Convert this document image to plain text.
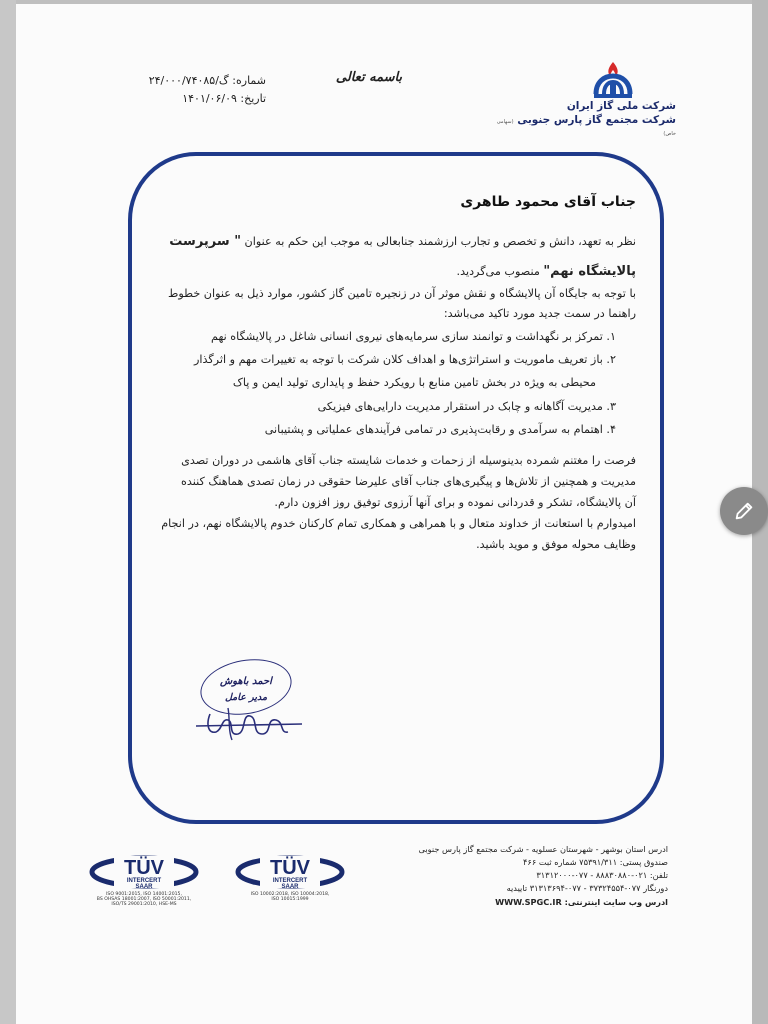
شرکت ملی گاز ایران
شرکت مجتمع گاز پارس جنوبی (سهامی خاص)
باسمه تعالی
شماره: گ/۲۴/۰۰۰/۷۴۰۸۵
تاریخ: ۱۴۰۱/۰۶/۰۹
جناب آقای محمود طاهری
نظر به تعهد، دانش و تخصص و تجارب ارزشمند جنابعالی به موجب این حکم به عنوان " سرپرست
پالایشگاه نهم" منصوب می‌گردید.
با توجه به جایگاه آن پالایشگاه و نقش موثر آن در زنجیره تامین گاز کشور، موارد ذیل به عنوان خطوط
راهنما در سمت جدید مورد تاکید می‌باشد:
۱. تمرکز بر نگهداشت و توانمند سازی سرمایه‌های نیروی انسانی شاغل در پالایشگاه نهم
۲. باز تعریف ماموریت و استراتژی‌ها و اهداف کلان شرکت با توجه به تغییرات مهم و اثرگذار
محیطی به ویژه در بخش تامین منابع با رویکرد حفظ و پایداری تولید ایمن و پاک
۳. مدیریت آگاهانه و چابک در استقرار مدیریت دارایی‌های فیزیکی
۴. اهتمام به سرآمدی و رقابت‌پذیری در تمامی فرآیندهای عملیاتی و پشتیبانی
فرصت را مغتنم شمرده بدینوسیله از زحمات و خدمات شایسته جناب آقای هاشمی در دوران تصدی
مدیریت و همچنین از تلاش‌ها و پیگیری‌های جناب آقای علیرضا حقوقی در زمان تصدی هماهنگ کننده
آن پالایشگاه، تشکر و قدردانی نموده و برای آنها آرزوی توفیق روز افزون دارم.
امیدوارم با استعانت از خداوند متعال و با همراهی و همکاری تمام کارکنان خدوم پالایشگاه نهم، در انجام
وظایف محوله موفق و موید باشید.
احمد باهوش
مدیر عامل
TÜV
INTERCERT
SAAR
ISO 9001:2015, ISO 14001:2015,
BS OHSAS 18001:2007, ISO 50001:2011,
ISO/TS 29001:2010, HSE-MS
TÜV
INTERCERT
SAAR
ISO 10002:2018, ISO 10004:2018,
ISO 10015:1999
ادرس استان بوشهر - شهرستان عسلویه - شرکت مجتمع گاز پارس جنوبی
صندوق پستی: ۷۵۳۹۱/۳۱۱ شماره ثبت ۴۶۶
تلفن: ۰۲۱-۸۸۸۳۰۸۸۰ - ۰۷۷-۳۱۳۱۲۰۰۰
دورنگار ۰۷۷-۳۷۳۲۴۵۵۴ - ۰۷۷-۳۱۳۱۳۶۹۴ تاییدیه
ادرس وب سایت اینترنتی: WWW.SPGC.IR
